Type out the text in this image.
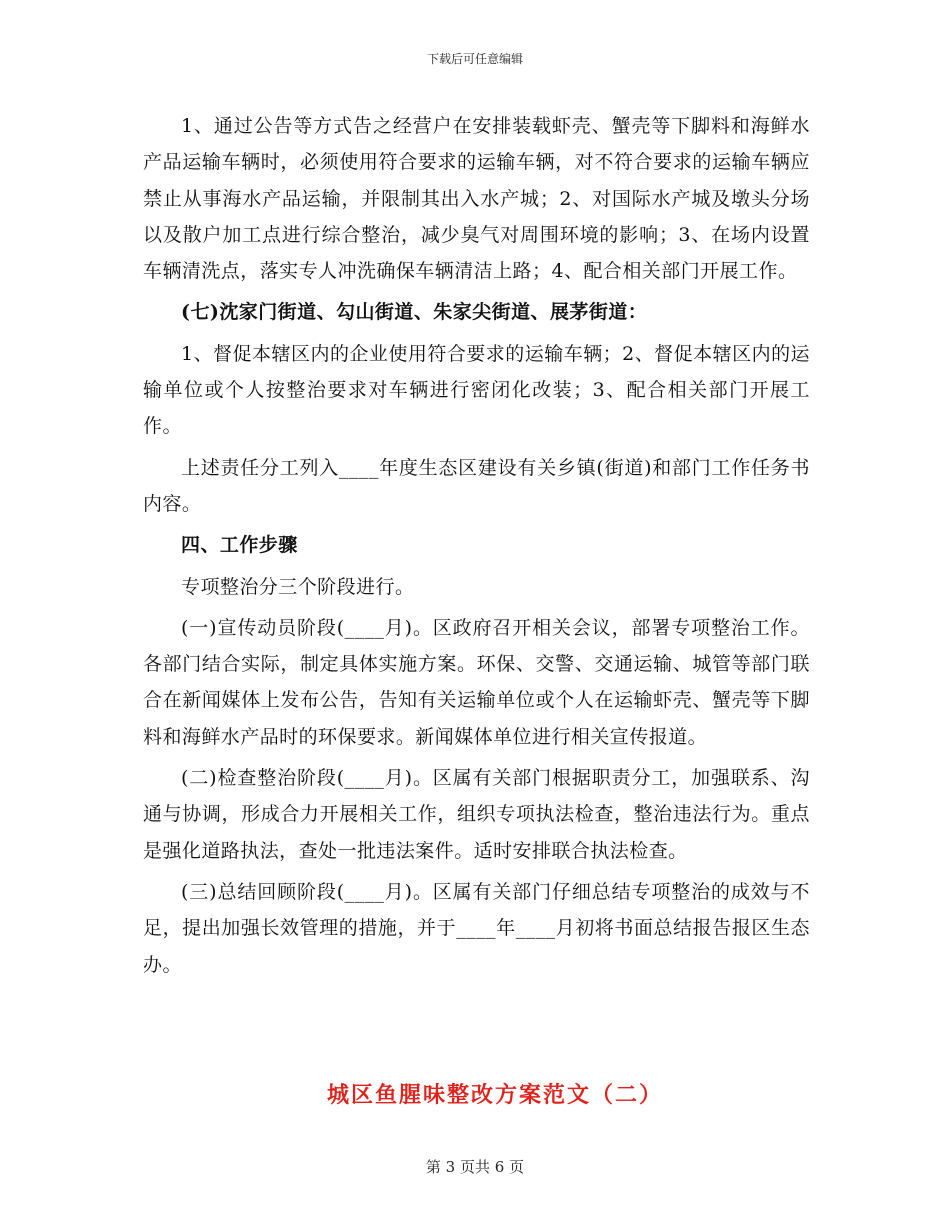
下载后可任意编辑

1、通过公告等方式告之经营户在安排装载虾壳、蟹壳等下脚料和海鲜水产品运输车辆时，必须使用符合要求的运输车辆，对不符合要求的运输车辆应禁止从事海水产品运输，并限制其出入水产城；2、对国际水产城及墩头分场以及散户加工点进行综合整治，减少臭气对周围环境的影响；3、在场内设置车辆清洗点，落实专人冲洗确保车辆清洁上路；4、配合相关部门开展工作。

(七)沈家门街道、勾山街道、朱家尖街道、展茅街道：

1、督促本辖区内的企业使用符合要求的运输车辆；2、督促本辖区内的运输单位或个人按整治要求对车辆进行密闭化改装；3、配合相关部门开展工作。

上述责任分工列入____年度生态区建设有关乡镇(街道)和部门工作任务书内容。

四、工作步骤

专项整治分三个阶段进行。

(一)宣传动员阶段(____月)。区政府召开相关会议，部署专项整治工作。各部门结合实际，制定具体实施方案。环保、交警、交通运输、城管等部门联合在新闻媒体上发布公告，告知有关运输单位或个人在运输虾壳、蟹壳等下脚料和海鲜水产品时的环保要求。新闻媒体单位进行相关宣传报道。

(二)检查整治阶段(____月)。区属有关部门根据职责分工，加强联系、沟通与协调，形成合力开展相关工作，组织专项执法检查，整治违法行为。重点是强化道路执法，查处一批违法案件。适时安排联合执法检查。

(三)总结回顾阶段(____月)。区属有关部门仔细总结专项整治的成效与不足，提出加强长效管理的措施，并于____年____月初将书面总结报告报区生态办。

城区鱼腥味整改方案范文（二）
第 3 页共 6 页
